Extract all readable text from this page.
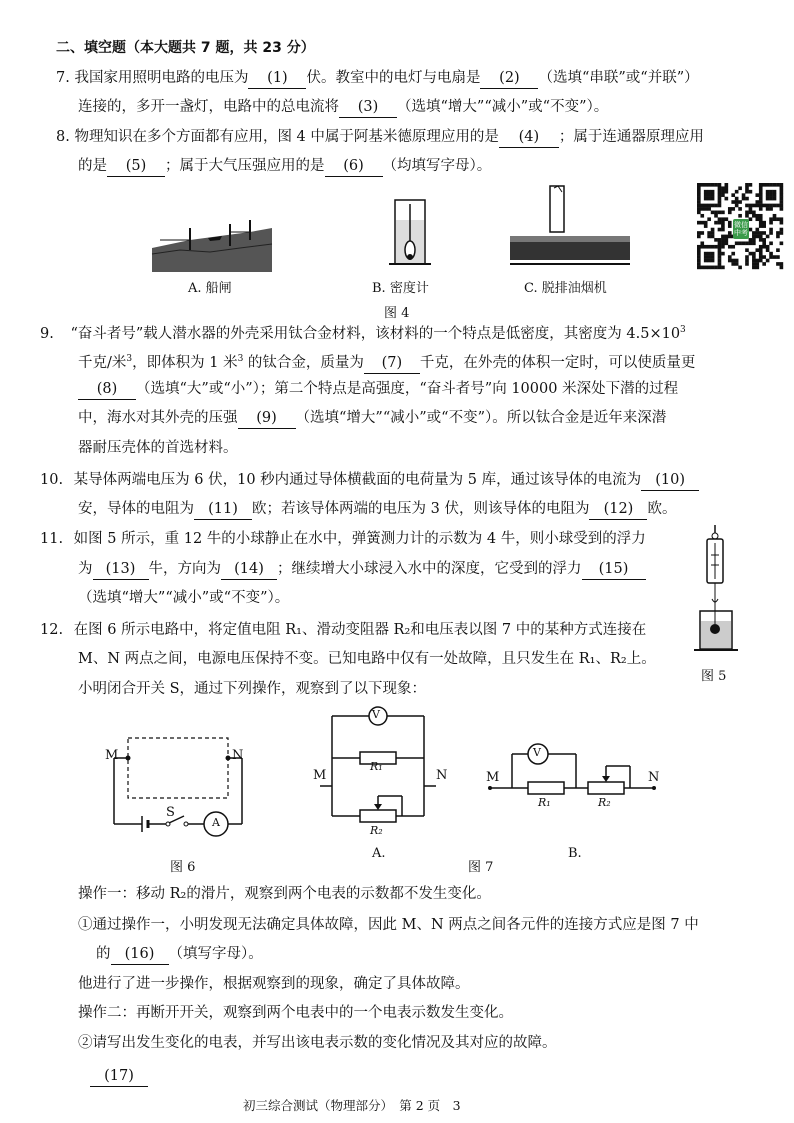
二、填空题（本大题共 7 题，共 23 分）
7. 我国家用照明电路的电压为 (1) 伏。教室中的电灯与电扇是 (2) （选填“串联”或“并联”）
连接的，多开一盏灯，电路中的总电流将 (3) （选填“增大”“减小”或“不变”）。
8. 物理知识在多个方面都有应用，图 4 中属于阿基米德原理应用的是 (4) ；属于连通器原理应用
的是 (5) ；属于大气压强应用的是 (6) （均填写字母）。
A. 船闸	B. 密度计	C. 脱排油烟机
图 4
微信中考
9. “奋斗者号”载人潜水器的外壳采用钛合金材料，该材料的一个特点是低密度，其密度为 $4.5\times 10^3$
千克/米$^3$，即体积为 1 米$^3$ 的钛合金，质量为 (7) 千克，在外壳的体积一定时，可以使质量更
(8) （选填“大”或“小”）；第二个特点是高强度，“奋斗者号”向 10000 米深处下潜的过程
中，海水对其外壳的压强 (9) （选填“增大”“减小”或“不变”）。所以钛合金是近年来深潜
器耐压壳体的首选材料。
10. 某导体两端电压为 6 伏，10 秒内通过导体横截面的电荷量为 5 库，通过该导体的电流为 (10)
安，导体的电阻为 (11) 欧；若该导体两端的电压为 3 伏，则该导体的电阻为 (12) 欧。
11. 如图 5 所示，重 12 牛的小球静止在水中，弹簧测力计的示数为 4 牛，则小球受到的浮力
为 (13) 牛，方向为 (14) ；继续增大小球浸入水中的深度，它受到的浮力 (15)
（选填“增大”“减小”或“不变”）。
图 5
12. 在图 6 所示电路中，将定值电阻 R₁、滑动变阻器 R₂和电压表以图 7 中的某种方式连接在
M、N 两点之间，电源电压保持不变。已知电路中仅有一处故障，且只发生在 R₁、R₂上。
小明闭合开关 S，通过下列操作，观察到了以下现象：
M	N
S
A
图 6
V
R₁
R₂
M	N
A.
图 7
V
M	N
R₁	R₂
B.
操作一：移动 R₂的滑片，观察到两个电表的示数都不发生变化。
①通过操作一，小明发现无法确定具体故障，因此 M、N 两点之间各元件的连接方式应是图 7 中
的 (16) （填写字母）。
他进行了进一步操作，根据观察到的现象，确定了具体故障。
操作二：再断开开关，观察到两个电表中的一个电表示数发生变化。
②请写出发生变化的电表，并写出该电表示数的变化情况及其对应的故障。
(17)
初三综合测试（物理部分）　第 2 页　3
